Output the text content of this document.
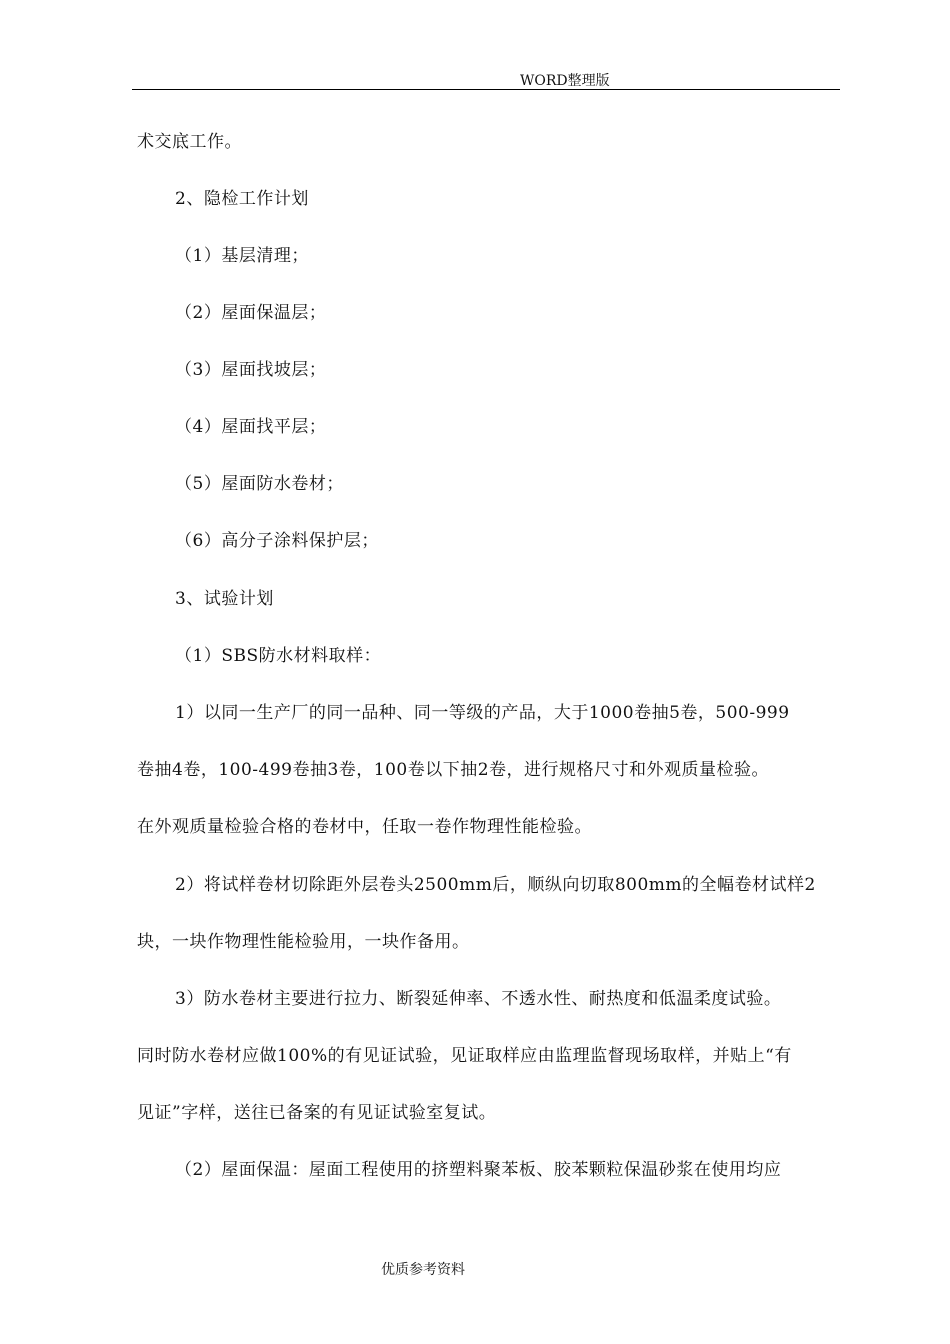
WORD整理版
术交底工作。
2、隐检工作计划
（1）基层清理；
（2）屋面保温层；
（3）屋面找坡层；
（4）屋面找平层；
（5）屋面防水卷材；
（6）高分子涂料保护层；
3、试验计划
（1）SBS防水材料取样：
1）以同一生产厂的同一品种、同一等级的产品，大于1000卷抽5卷，500-999
卷抽4卷，100-499卷抽3卷，100卷以下抽2卷，进行规格尺寸和外观质量检验。
在外观质量检验合格的卷材中，任取一卷作物理性能检验。
2）将试样卷材切除距外层卷头2500mm后，顺纵向切取800mm的全幅卷材试样2
块，一块作物理性能检验用，一块作备用。
3）防水卷材主要进行拉力、断裂延伸率、不透水性、耐热度和低温柔度试验。
同时防水卷材应做100%的有见证试验，见证取样应由监理监督现场取样，并贴上“有
见证”字样，送往已备案的有见证试验室复试。
（2）屋面保温：屋面工程使用的挤塑料聚苯板、胶苯颗粒保温砂浆在使用均应
优质参考资料
